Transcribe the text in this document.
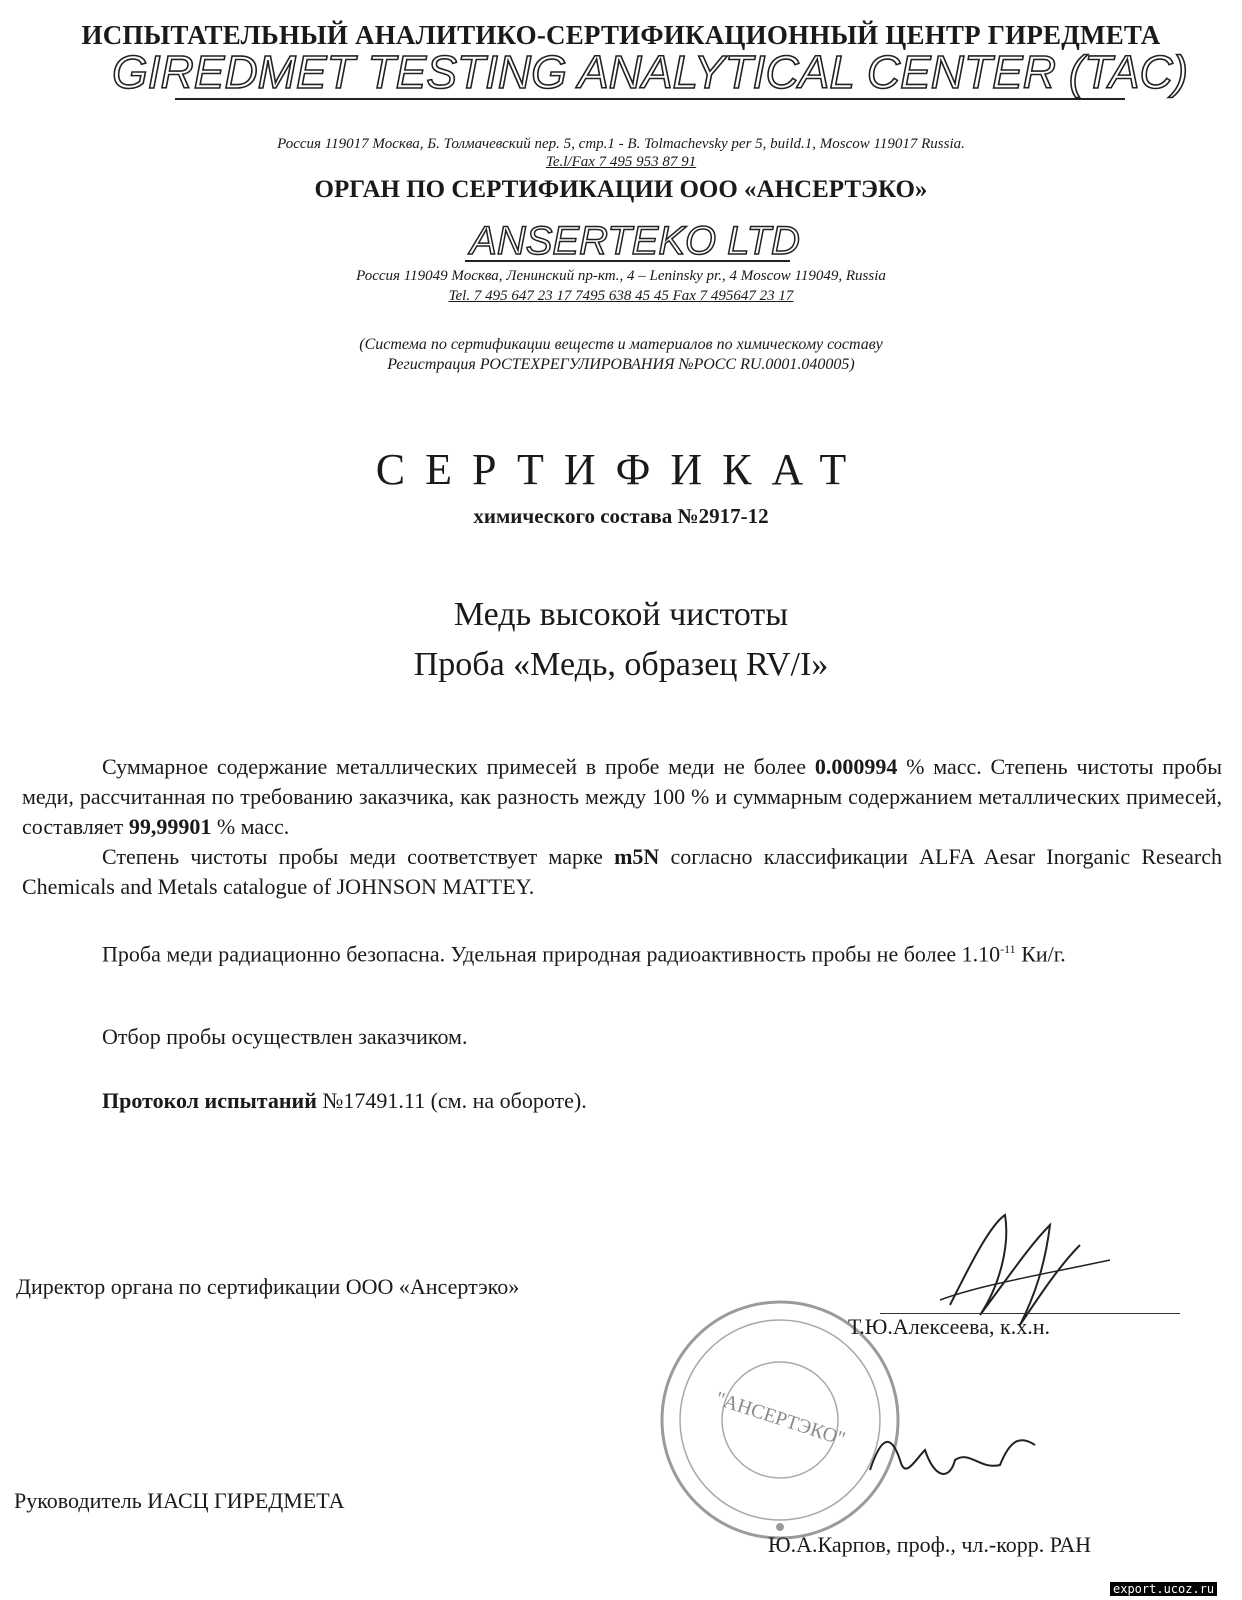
ИСПЫТАТЕЛЬНЫЙ АНАЛИТИКО-СЕРТИФИКАЦИОННЫЙ ЦЕНТР ГИРЕДМЕТА
GIREDMET TESTING ANALYTICAL CENTER (TAC)
Россия 119017 Москва, Б. Толмачевский пер. 5, стр.1 - B. Tolmachevsky per 5, build.1, Moscow 119017 Russia.
Te.l/Fax 7 495 953 87 91
ОРГАН ПО СЕРТИФИКАЦИИ ООО «АНСЕРТЭКО»
ANSERTEKO LTD
Россия 119049 Москва, Ленинский пр-кт., 4 – Leninsky pr., 4 Moscow 119049, Russia
Tel. 7 495 647 23 17 7495 638 45 45 Fax 7 495647 23 17
(Система по сертификации веществ и материалов по химическому составу
Регистрация РОСТЕХРЕГУЛИРОВАНИЯ №РОСС RU.0001.040005)
СЕРТИФИКАТ
химического состава №2917-12
Медь высокой чистоты
Проба «Медь, образец RV/I»

Суммарное содержание металлических примесей в пробе меди не более 0.000994 % масс. Степень чистоты пробы меди, рассчитанная по требованию заказчика, как разность между 100 % и суммарным содержанием металлических примесей, составляет 99,99901 % масс.

Степень чистоты пробы меди соответствует марке m5N согласно классификации ALFA Aesar Inorganic Research Chemicals and Metals catalogue of JOHNSON MATTEY.

Проба меди радиационно безопасна. Удельная природная радиоактивность пробы не более $1.10^{-11}$ Ки/г.

Отбор пробы осуществлен заказчиком.
Протокол испытаний №17491.11 (см. на обороте).
"АНСЕРТЭКО"
Директор органа по сертификации ООО «Ансертэко»
Т.Ю.Алексеева, к.х.н.
Руководитель ИАСЦ ГИРЕДМЕТА
Ю.А.Карпов, проф., чл.-корр. РАН
export.ucoz.ru
